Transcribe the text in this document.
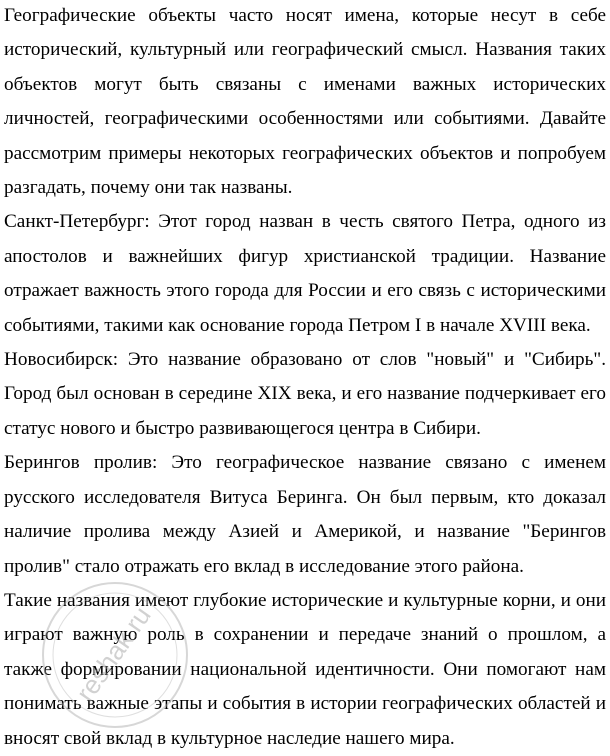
Географические объекты часто носят имена, которые несут в себе исторический, культурный или географический смысл. Названия таких объектов могут быть связаны с именами важных исторических личностей, географическими особенностями или событиями. Давайте рассмотрим примеры некоторых географических объектов и попробуем разгадать, почему они так названы.

Санкт-Петербург: Этот город назван в честь святого Петра, одного из апостолов и важнейших фигур христианской традиции. Название отражает важность этого города для России и его связь с историческими событиями, такими как основание города Петром I в начале XVIII века.

Новосибирск: Это название образовано от слов "новый" и "Сибирь". Город был основан в середине XIX века, и его название подчеркивает его статус нового и быстро развивающегося центра в Сибири.

Берингов пролив: Это географическое название связано с именем русского исследователя Витуса Беринга. Он был первым, кто доказал наличие пролива между Азией и Америкой, и название "Берингов пролив" стало отражать его вклад в исследование этого района.

Такие названия имеют глубокие исторические и культурные корни, и они играют важную роль в сохранении и передаче знаний о прошлом, а также формировании национальной идентичности. Они помогают нам понимать важные этапы и события в истории географических областей и вносят свой вклад в культурное наследие нашего мира.

reshak.ru
